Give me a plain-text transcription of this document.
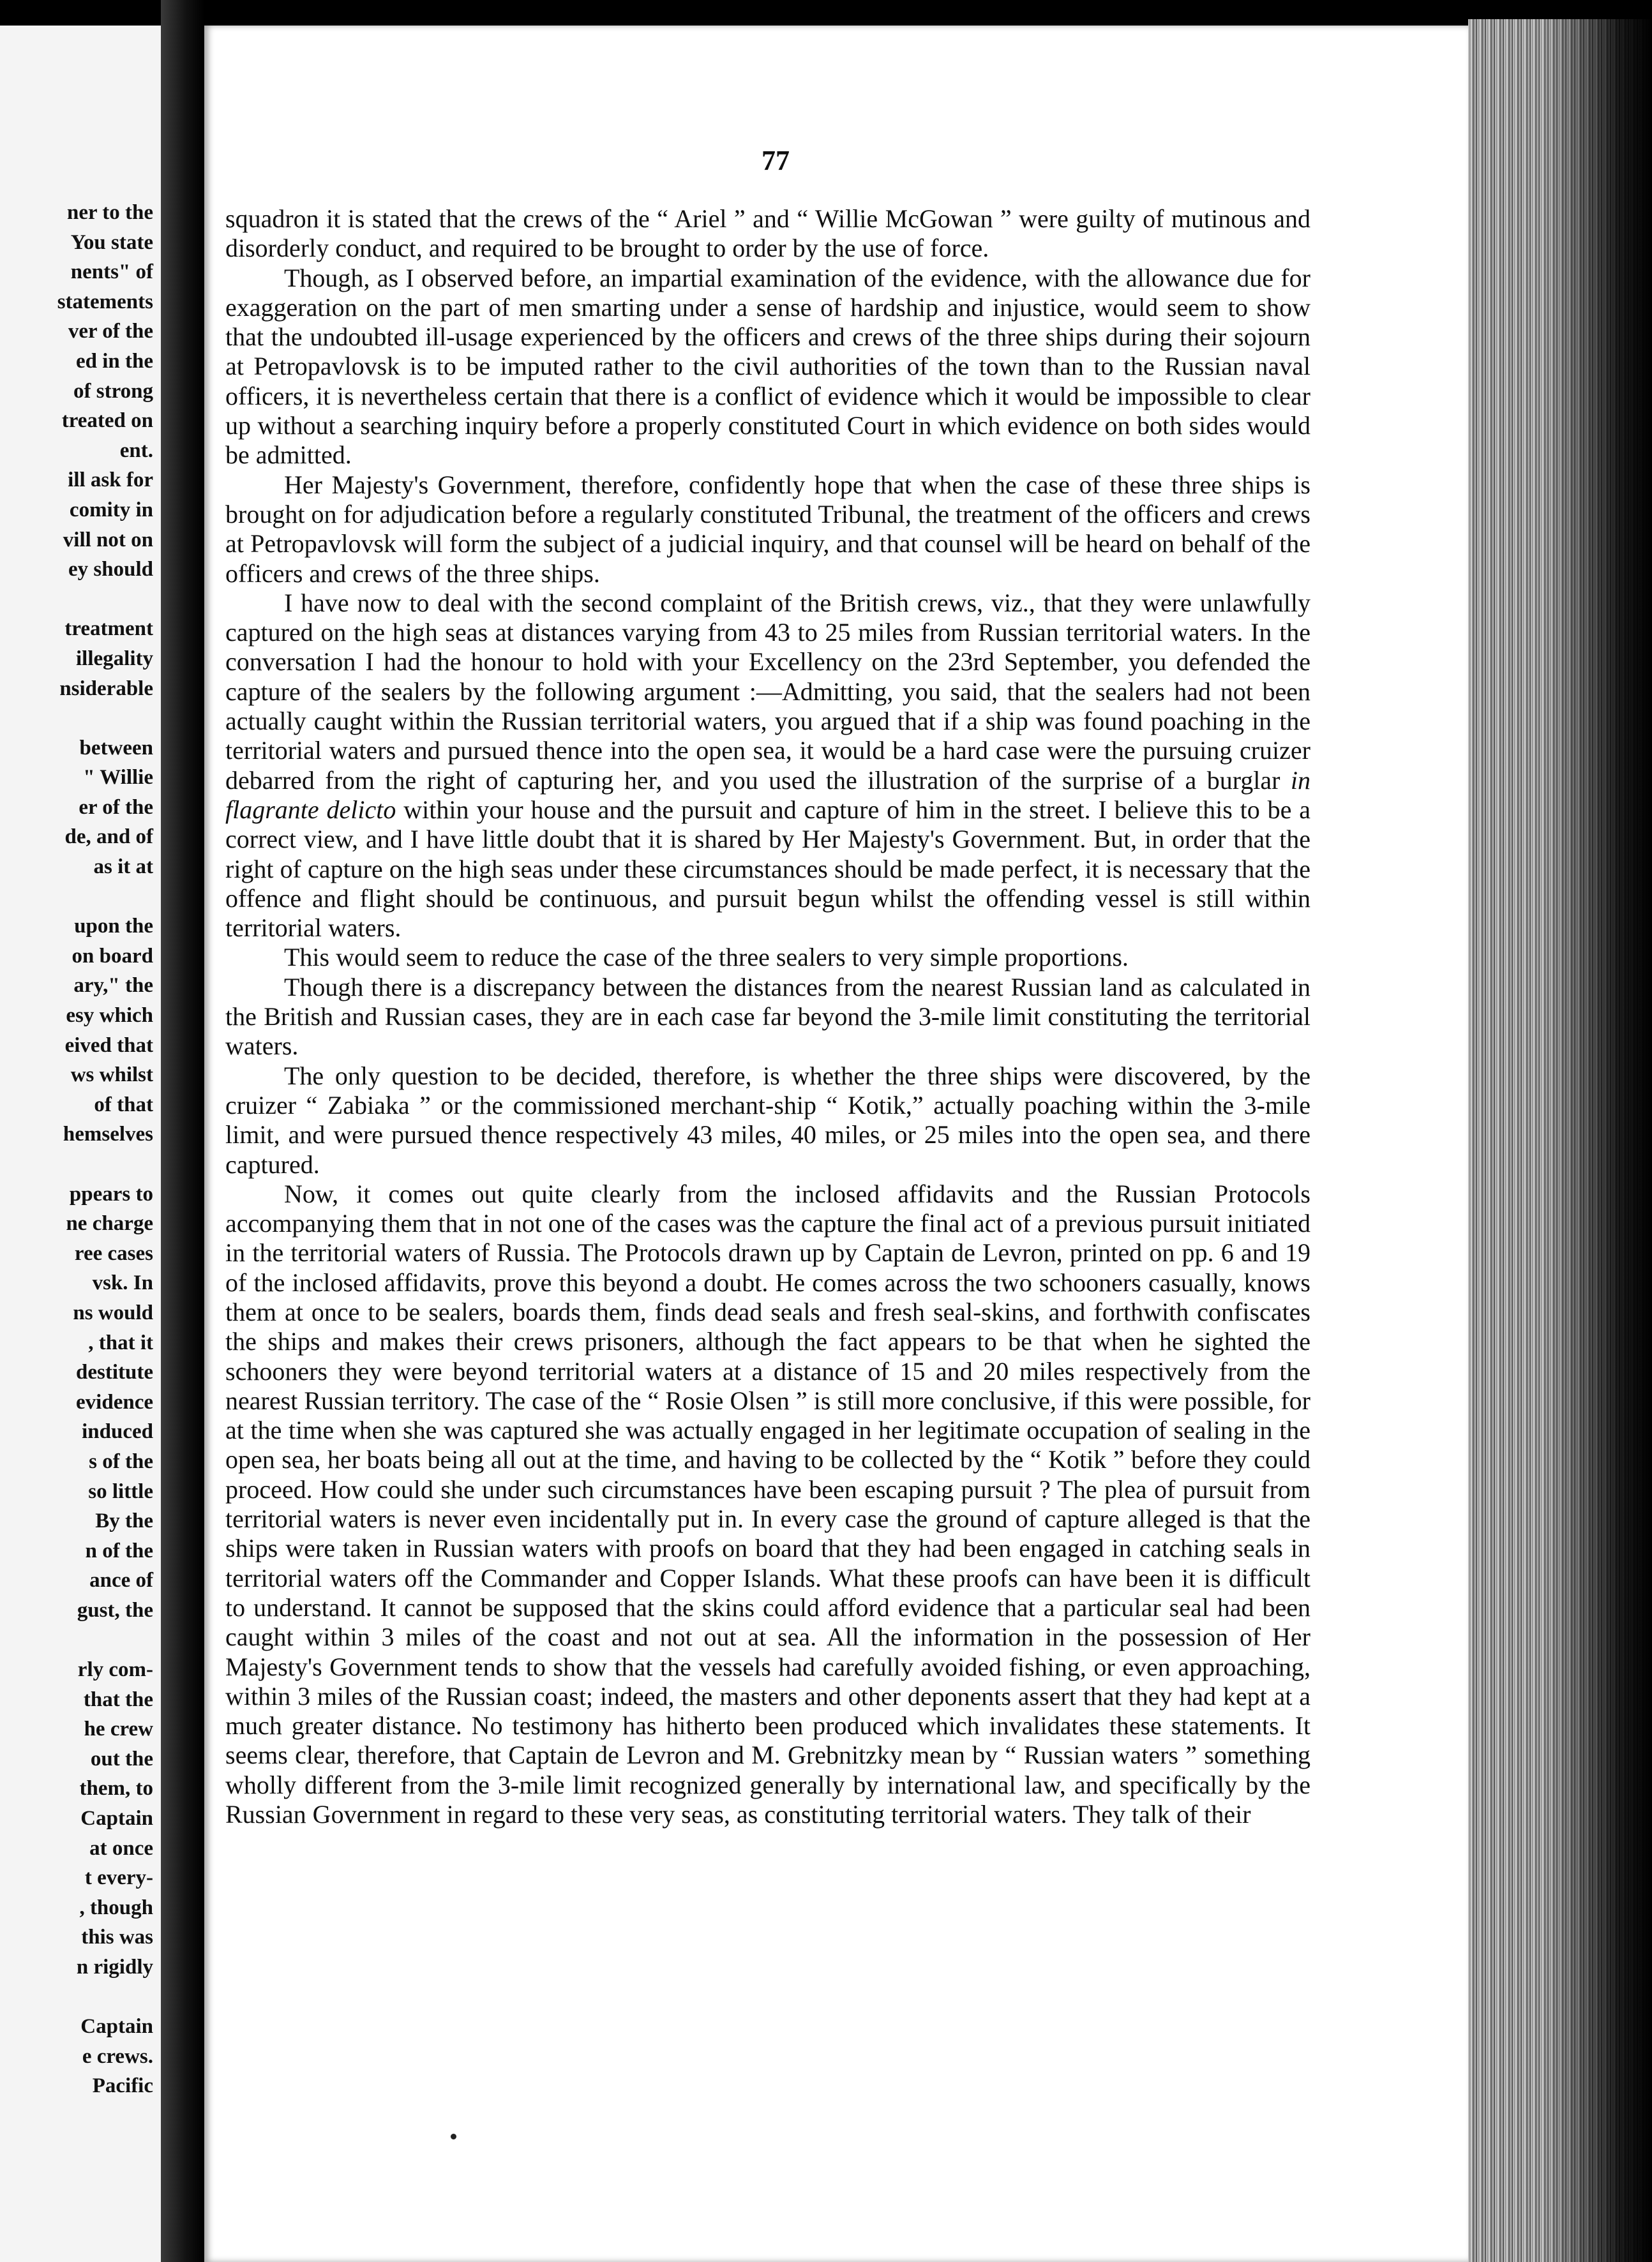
ner to the
You state
nents" of
statements
ver of the
ed in the
of strong
treated on
ent.
ill ask for
comity in
vill not on
ey should
treatment
illegality
nsiderable
between
" Willie
er of the
de, and of
as it at
upon the
on board
ary," the
esy which
eived that
ws whilst
of that
hemselves
ppears to
ne charge
ree cases
vsk. In
ns would
, that it
destitute
evidence
induced
s of the
so little
By the
n of the
ance of
gust, the
rly com-
that the
he crew
out the
them, to
Captain
at once
t every-
, though
this was
n rigidly
Captain
e crews.
Pacific
77

squadron it is stated that the crews of the “ Ariel ” and “ Willie McGowan ” were guilty of mutinous and disorderly conduct, and required to be brought to order by the use of force.

Though, as I observed before, an impartial examination of the evidence, with the allowance due for exaggeration on the part of men smarting under a sense of hardship and injustice, would seem to show that the undoubted ill-usage experienced by the officers and crews of the three ships during their sojourn at Petropavlovsk is to be imputed rather to the civil authorities of the town than to the Russian naval officers, it is nevertheless certain that there is a conflict of evidence which it would be impossible to clear up without a searching inquiry before a properly constituted Court in which evidence on both sides would be admitted.

Her Majesty's Government, therefore, confidently hope that when the case of these three ships is brought on for adjudication before a regularly constituted Tribunal, the treatment of the officers and crews at Petropavlovsk will form the subject of a judicial inquiry, and that counsel will be heard on behalf of the officers and crews of the three ships.

I have now to deal with the second complaint of the British crews, viz., that they were unlawfully captured on the high seas at distances varying from 43 to 25 miles from Russian territorial waters. In the conversation I had the honour to hold with your Excellency on the 23rd September, you defended the capture of the sealers by the following argument :—Admitting, you said, that the sealers had not been actually caught within the Russian territorial waters, you argued that if a ship was found poaching in the territorial waters and pursued thence into the open sea, it would be a hard case were the pursuing cruizer debarred from the right of capturing her, and you used the illustration of the surprise of a burglar in flagrante delicto within your house and the pursuit and capture of him in the street. I believe this to be a correct view, and I have little doubt that it is shared by Her Majesty's Government. But, in order that the right of capture on the high seas under these circumstances should be made perfect, it is necessary that the offence and flight should be continuous, and pursuit begun whilst the offending vessel is still within territorial waters.

This would seem to reduce the case of the three sealers to very simple proportions.

Though there is a discrepancy between the distances from the nearest Russian land as calculated in the British and Russian cases, they are in each case far beyond the 3-mile limit constituting the territorial waters.

The only question to be decided, therefore, is whether the three ships were discovered, by the cruizer “ Zabiaka ” or the commissioned merchant-ship “ Kotik,” actually poaching within the 3-mile limit, and were pursued thence respectively 43 miles, 40 miles, or 25 miles into the open sea, and there captured.

Now, it comes out quite clearly from the inclosed affidavits and the Russian Protocols accompanying them that in not one of the cases was the capture the final act of a previous pursuit initiated in the territorial waters of Russia. The Protocols drawn up by Captain de Levron, printed on pp. 6 and 19 of the inclosed affidavits, prove this beyond a doubt. He comes across the two schooners casually, knows them at once to be sealers, boards them, finds dead seals and fresh seal-skins, and forthwith confiscates the ships and makes their crews prisoners, although the fact appears to be that when he sighted the schooners they were beyond territorial waters at a distance of 15 and 20 miles respectively from the nearest Russian territory. The case of the “ Rosie Olsen ” is still more conclusive, if this were possible, for at the time when she was captured she was actually engaged in her legitimate occupation of sealing in the open sea, her boats being all out at the time, and having to be collected by the “ Kotik ” before they could proceed. How could she under such circumstances have been escaping pursuit ? The plea of pursuit from territorial waters is never even incidentally put in. In every case the ground of capture alleged is that the ships were taken in Russian waters with proofs on board that they had been engaged in catching seals in territorial waters off the Commander and Copper Islands. What these proofs can have been it is difficult to understand. It cannot be supposed that the skins could afford evidence that a particular seal had been caught within 3 miles of the coast and not out at sea. All the information in the possession of Her Majesty's Government tends to show that the vessels had carefully avoided fishing, or even approaching, within 3 miles of the Russian coast; indeed, the masters and other deponents assert that they had kept at a much greater distance. No testimony has hitherto been produced which invalidates these statements. It seems clear, therefore, that Captain de Levron and M. Grebnitzky mean by “ Russian waters ” something wholly different from the 3-mile limit recognized generally by international law, and specifically by the Russian Government in regard to these very seas, as constituting territorial waters. They talk of their
